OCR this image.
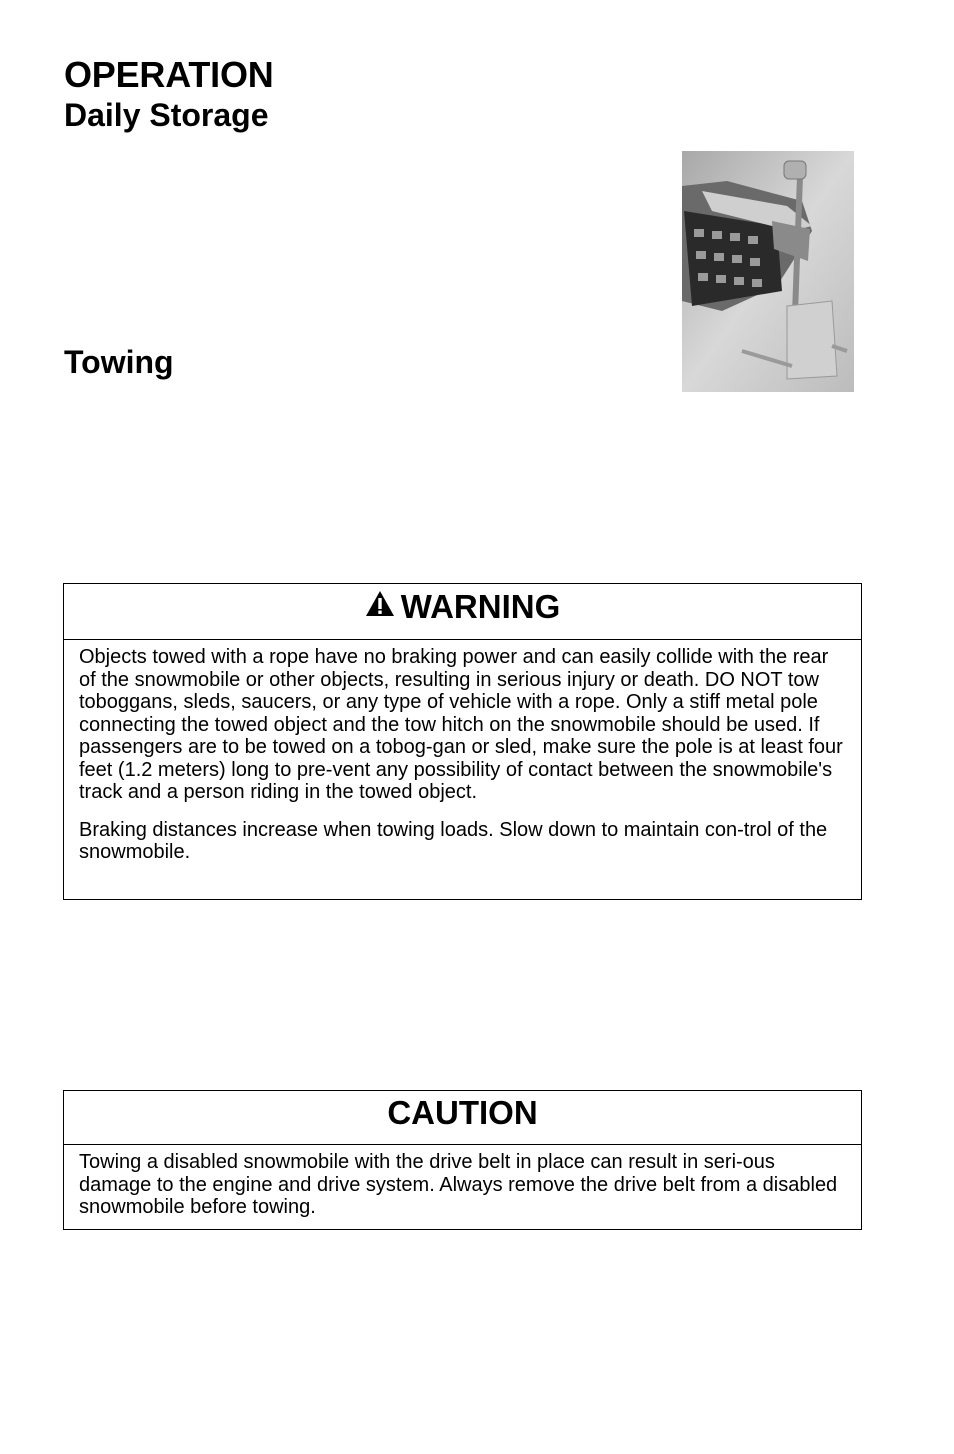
OPERATION
Daily Storage
Towing
WARNING

Objects towed with a rope have no braking power and can easily collide with the rear of the snowmobile or other objects, resulting in serious injury or death. DO NOT tow toboggans, sleds, saucers, or any type of vehicle with a rope. Only a stiff metal pole connecting the towed object and the tow hitch on the snowmobile should be used. If passengers are to be towed on a tobog-gan or sled, make sure the pole is at least four feet (1.2 meters) long to pre-vent any possibility of contact between the snowmobile's track and a person riding in the towed object.

Braking distances increase when towing loads. Slow down to maintain con-trol of the snowmobile.

CAUTION

Towing a disabled snowmobile with the drive belt in place can result in seri-ous damage to the engine and drive system. Always remove the drive belt from a disabled snowmobile before towing.
